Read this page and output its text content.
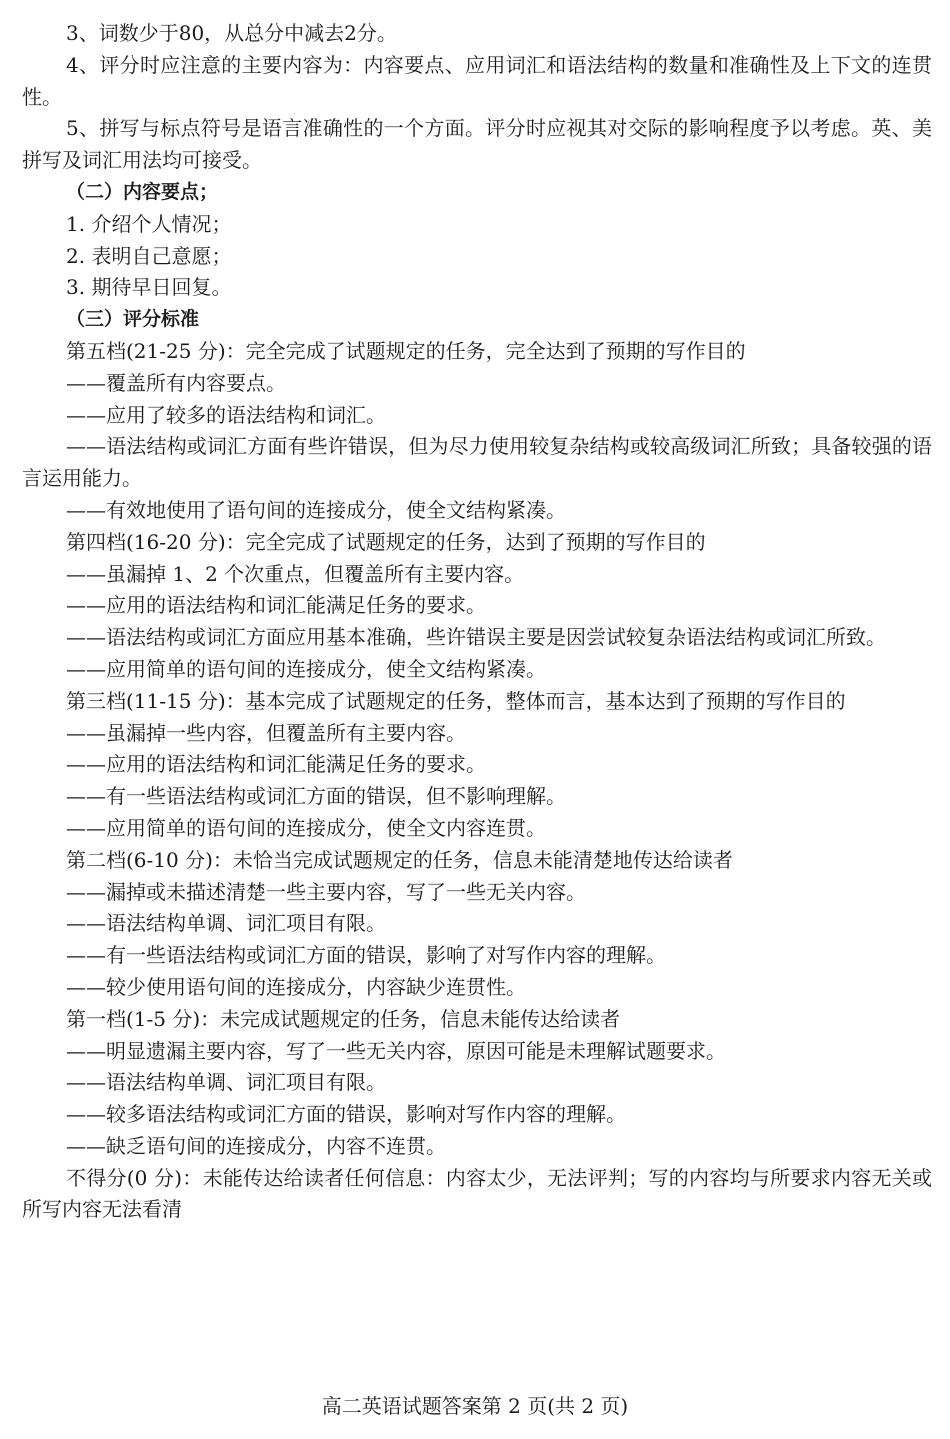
3、词数少于80，从总分中减去2分。
4、评分时应注意的主要内容为：内容要点、应用词汇和语法结构的数量和准确性及上下文的连贯性。
5、拼写与标点符号是语言准确性的一个方面。评分时应视其对交际的影响程度予以考虑。英、美拼写及词汇用法均可接受。
（二）内容要点；
1. 介绍个人情况；
2. 表明自己意愿；
3. 期待早日回复。
（三）评分标准
第五档(21-25 分)：完全完成了试题规定的任务，完全达到了预期的写作目的
——覆盖所有内容要点。
——应用了较多的语法结构和词汇。
——语法结构或词汇方面有些许错误，但为尽力使用较复杂结构或较高级词汇所致；具备较强的语言运用能力。
——有效地使用了语句间的连接成分，使全文结构紧凑。
第四档(16-20 分)：完全完成了试题规定的任务，达到了预期的写作目的
——虽漏掉 1、2 个次重点，但覆盖所有主要内容。
——应用的语法结构和词汇能满足任务的要求。
——语法结构或词汇方面应用基本准确，些许错误主要是因尝试较复杂语法结构或词汇所致。
——应用简单的语句间的连接成分，使全文结构紧凑。
第三档(11-15 分)：基本完成了试题规定的任务，整体而言，基本达到了预期的写作目的
——虽漏掉一些内容，但覆盖所有主要内容。
——应用的语法结构和词汇能满足任务的要求。
——有一些语法结构或词汇方面的错误，但不影响理解。
——应用简单的语句间的连接成分，使全文内容连贯。
第二档(6-10 分)：未恰当完成试题规定的任务，信息未能清楚地传达给读者
——漏掉或未描述清楚一些主要内容，写了一些无关内容。
——语法结构单调、词汇项目有限。
——有一些语法结构或词汇方面的错误，影响了对写作内容的理解。
——较少使用语句间的连接成分，内容缺少连贯性。
第一档(1-5 分)：未完成试题规定的任务，信息未能传达给读者
——明显遗漏主要内容，写了一些无关内容，原因可能是未理解试题要求。
——语法结构单调、词汇项目有限。
——较多语法结构或词汇方面的错误，影响对写作内容的理解。
——缺乏语句间的连接成分，内容不连贯。
不得分(0 分)：未能传达给读者任何信息：内容太少，无法评判；写的内容均与所要求内容无关或所写内容无法看清
高二英语试题答案第 2 页(共 2 页)
